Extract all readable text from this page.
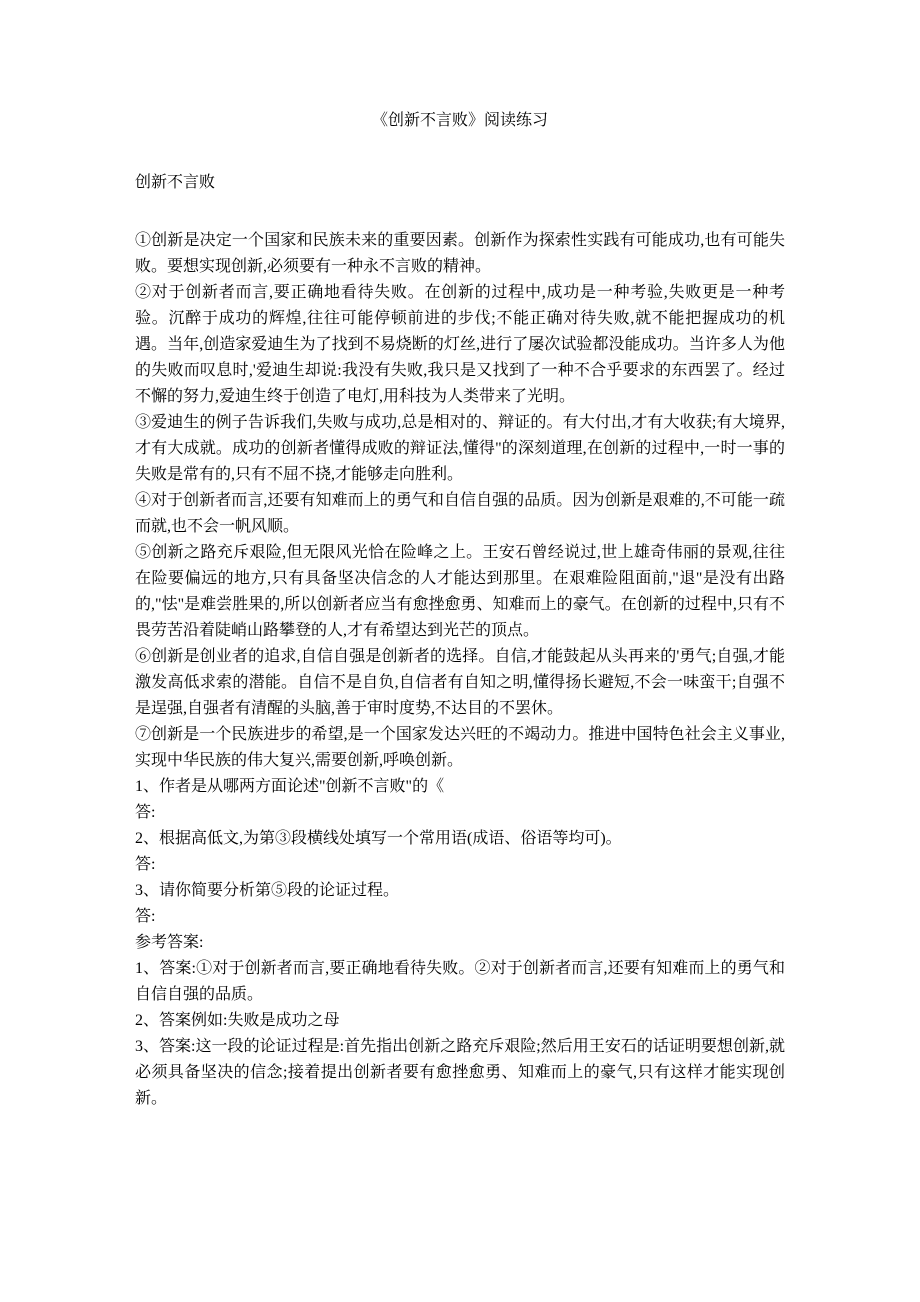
《创新不言败》阅读练习

创新不言败

①创新是决定一个国家和民族未来的重要因素。创新作为探索性实践有可能成功,也有可能失败。要想实现创新,必须要有一种永不言败的精神。

②对于创新者而言,要正确地看待失败。在创新的过程中,成功是一种考验,失败更是一种考验。沉醉于成功的辉煌,往往可能停顿前进的步伐;不能正确对待失败,就不能把握成功的机遇。当年,创造家爱迪生为了找到不易烧断的灯丝,进行了屡次试验都没能成功。当许多人为他的失败而叹息时,'爱迪生却说:我没有失败,我只是又找到了一种不合乎要求的东西罢了。经过不懈的努力,爱迪生终于创造了电灯,用科技为人类带来了光明。

③爱迪生的例子告诉我们,失败与成功,总是相对的、辩证的。有大付出,才有大收获;有大境界,才有大成就。成功的创新者懂得成败的辩证法,懂得"的深刻道理,在创新的过程中,一时一事的失败是常有的,只有不屈不挠,才能够走向胜利。

④对于创新者而言,还要有知难而上的勇气和自信自强的品质。因为创新是艰难的,不可能一疏而就,也不会一帆风顺。

⑤创新之路充斥艰险,但无限风光恰在险峰之上。王安石曾经说过,世上雄奇伟丽的景观,往往在险要偏远的地方,只有具备坚决信念的人才能达到那里。在艰难险阻面前,"退"是没有出路的,"怯"是难尝胜果的,所以创新者应当有愈挫愈勇、知难而上的豪气。在创新的过程中,只有不畏劳苦沿着陡峭山路攀登的人,才有希望达到光芒的顶点。

⑥创新是创业者的追求,自信自强是创新者的选择。自信,才能鼓起从头再来的'勇气;自强,才能激发高低求索的潜能。自信不是自负,自信者有自知之明,懂得扬长避短,不会一味蛮干;自强不是逞强,自强者有清醒的头脑,善于审时度势,不达目的不罢休。

⑦创新是一个民族进步的希望,是一个国家发达兴旺的不竭动力。推进中国特色社会主义事业,实现中华民族的伟大复兴,需要创新,呼唤创新。

1、作者是从哪两方面论述"创新不言败"的《

答:

2、根据高低文,为第③段横线处填写一个常用语(成语、俗语等均可)。

答:

3、请你简要分析第⑤段的论证过程。

答:

参考答案:

1、答案:①对于创新者而言,要正确地看待失败。②对于创新者而言,还要有知难而上的勇气和自信自强的品质。

2、答案例如:失败是成功之母

3、答案:这一段的论证过程是:首先指出创新之路充斥艰险;然后用王安石的话证明要想创新,就必须具备坚决的信念;接着提出创新者要有愈挫愈勇、知难而上的豪气,只有这样才能实现创新。
